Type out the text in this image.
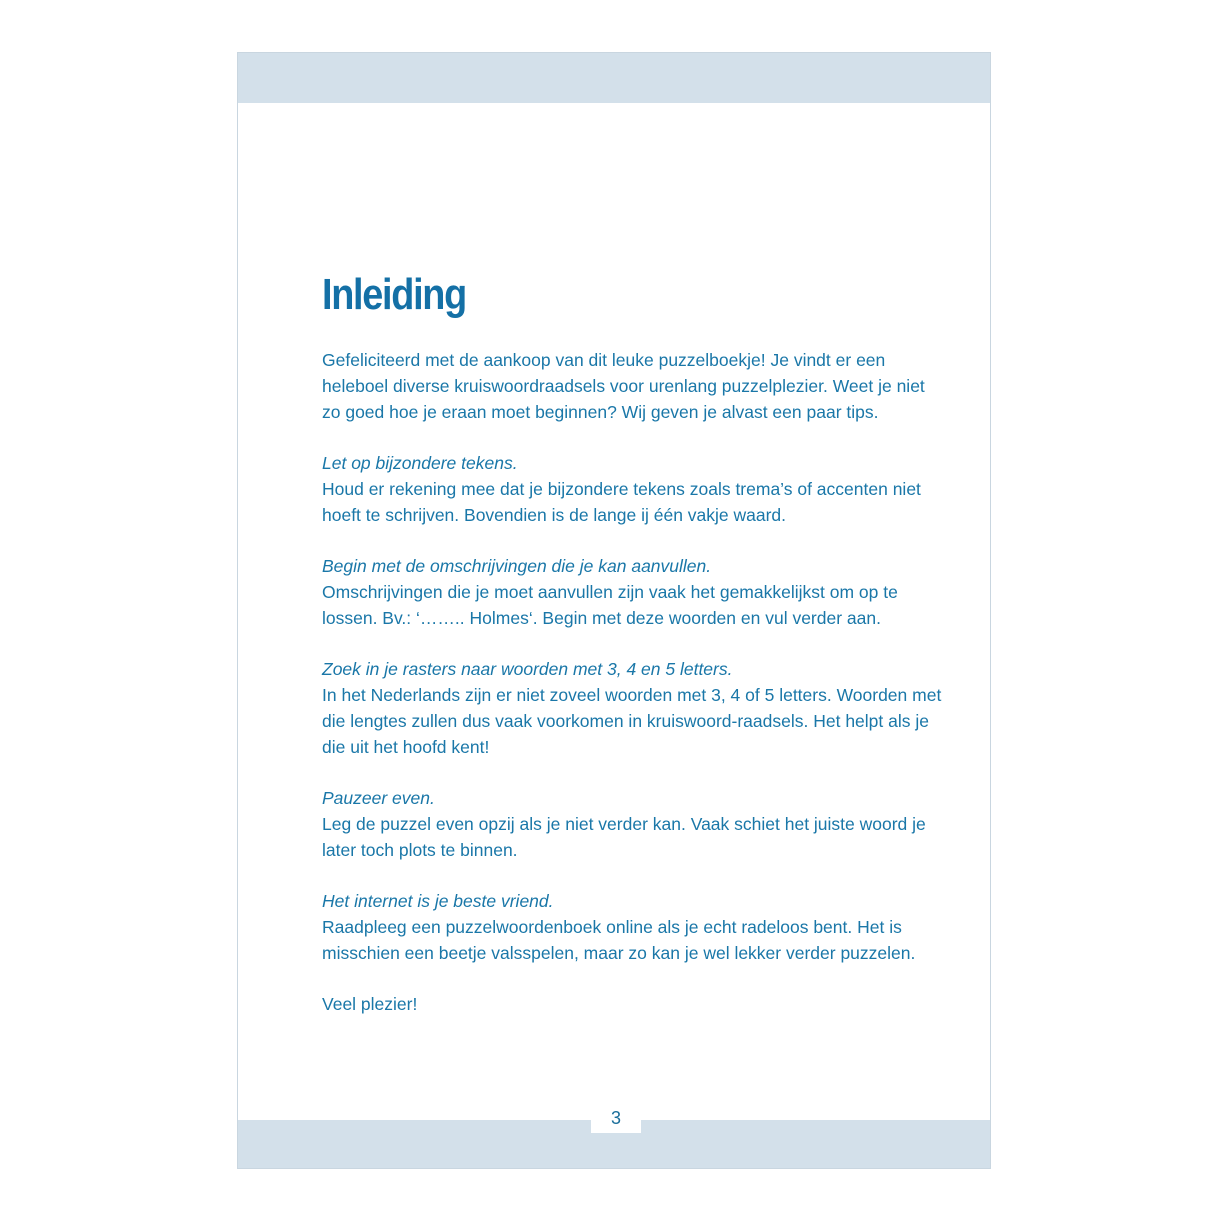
Inleiding

Gefeliciteerd met de aankoop van dit leuke puzzelboekje! Je vindt er een heleboel diverse kruiswoordraadsels voor urenlang puzzelplezier. Weet je niet zo goed hoe je eraan moet beginnen? Wij geven je alvast een paar tips.

Let op bijzondere tekens.
Houd er rekening mee dat je bijzondere tekens zoals trema’s of accenten niet hoeft te schrijven. Bovendien is de lange ij één vakje waard.

Begin met de omschrijvingen die je kan aanvullen.
Omschrijvingen die je moet aanvullen zijn vaak het gemakkelijkst om op te lossen. Bv.: ‘…….. Holmes‘. Begin met deze woorden en vul verder aan.

Zoek in je rasters naar woorden met 3, 4 en 5 letters.
In het Nederlands zijn er niet zoveel woorden met 3, 4 of 5 letters. Woorden met die lengtes zullen dus vaak voorkomen in kruiswoord-raadsels. Het helpt als je die uit het hoofd kent!

Pauzeer even.
Leg de puzzel even opzij als je niet verder kan. Vaak schiet het juiste woord je later toch plots te binnen.

Het internet is je beste vriend.
Raadpleeg een puzzelwoordenboek online als je echt radeloos bent. Het is misschien een beetje valsspelen, maar zo kan je wel lekker verder puzzelen.

Veel plezier!

3
